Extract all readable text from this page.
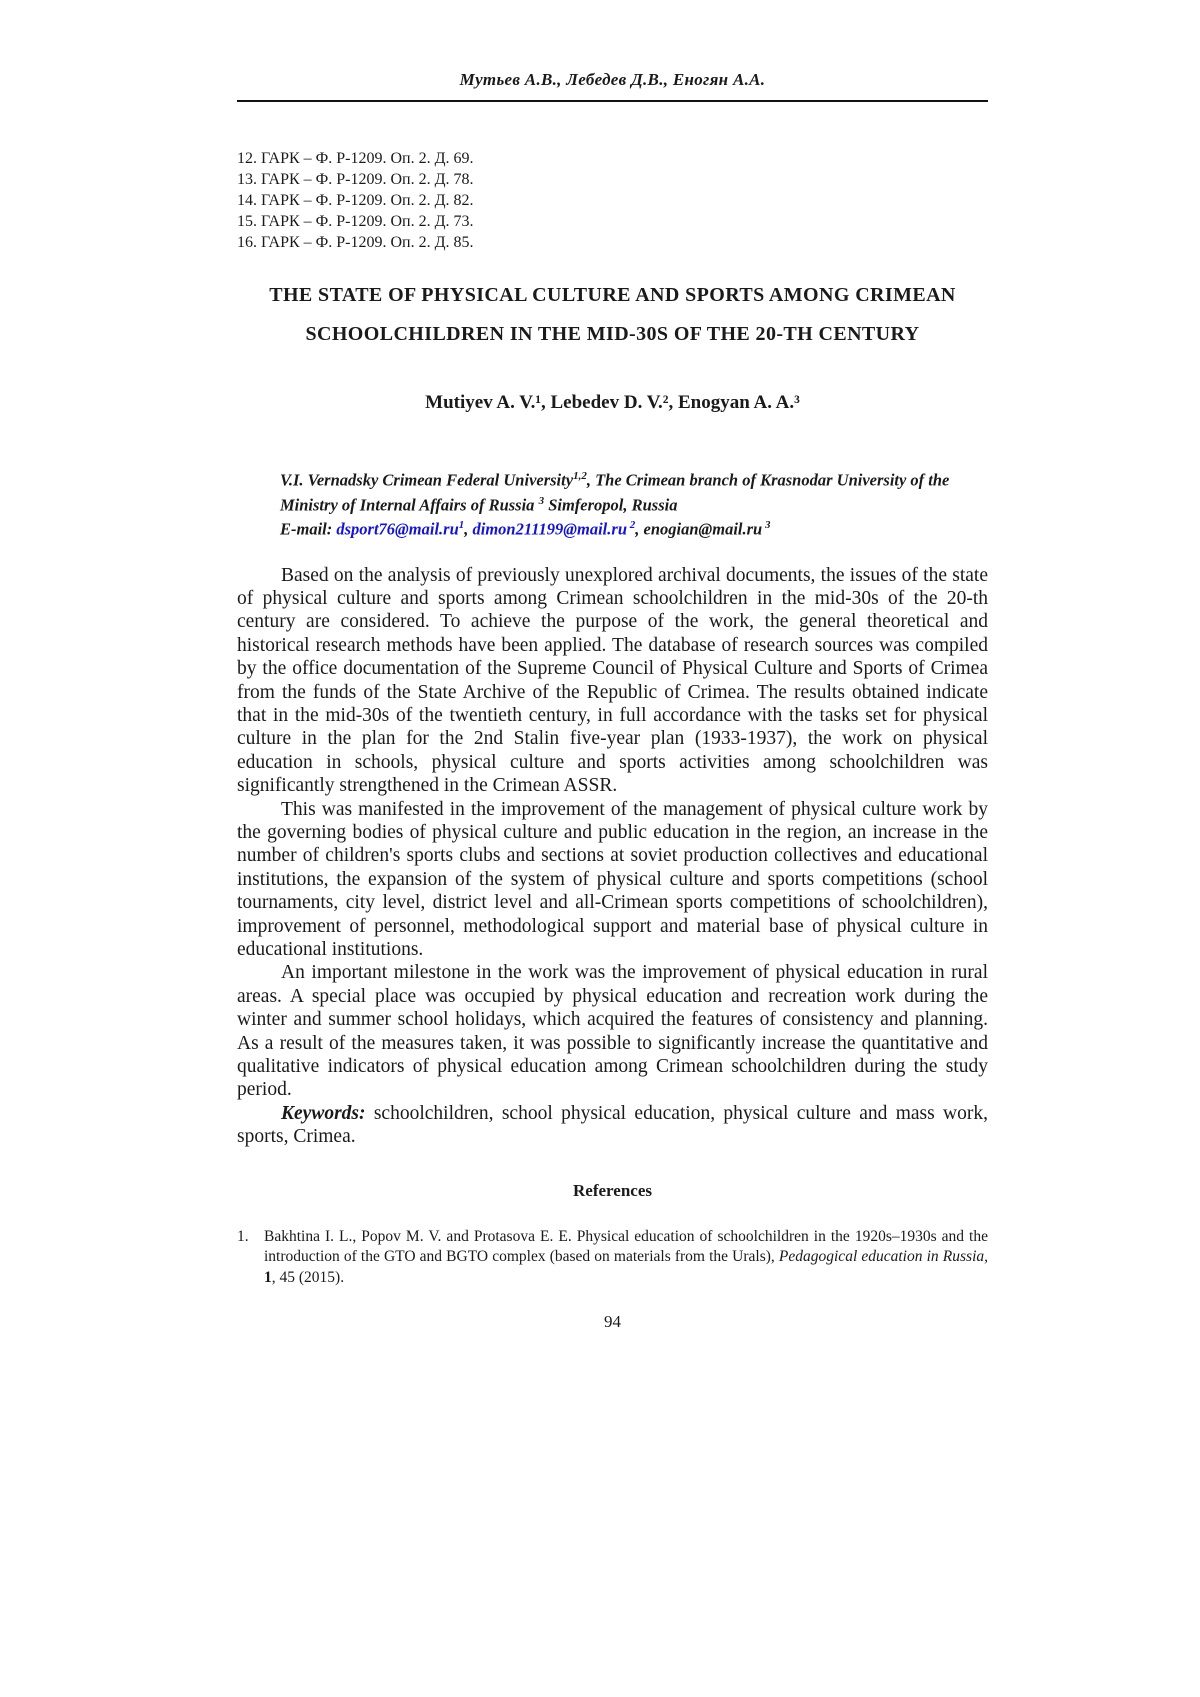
Мутьев А.В., Лебедев Д.В., Еногян А.А.
12. ГАРК – Ф. Р-1209. Оп. 2. Д. 69.
13. ГАРК – Ф. Р-1209. Оп. 2. Д. 78.
14. ГАРК – Ф. Р-1209. Оп. 2. Д. 82.
15. ГАРК – Ф. Р-1209. Оп. 2. Д. 73.
16. ГАРК – Ф. Р-1209. Оп. 2. Д. 85.
THE STATE OF PHYSICAL CULTURE AND SPORTS AMONG CRIMEAN
SCHOOLCHILDREN IN THE MID-30S OF THE 20-TH CENTURY
Mutiyev A. V.¹, Lebedev D. V.², Enogyan A. A.³
V.I. Vernadsky Crimean Federal University$^{1,2}$, The Crimean branch of Krasnodar University of the Ministry of Internal Affairs of Russia $^3$ Simferopol, Russia
E-mail: $dsport76@mail.ru^1$, dimon211199@mail.ru $^2$, enogian@mail.ru $^3$

Based on the analysis of previously unexplored archival documents, the issues of the state of physical culture and sports among Crimean schoolchildren in the mid-30s of the 20-th century are considered. To achieve the purpose of the work, the general theoretical and historical research methods have been applied. The database of research sources was compiled by the office documentation of the Supreme Council of Physical Culture and Sports of Crimea from the funds of the State Archive of the Republic of Crimea. The results obtained indicate that in the mid-30s of the twentieth century, in full accordance with the tasks set for physical culture in the plan for the 2nd Stalin five-year plan (1933-1937), the work on physical education in schools, physical culture and sports activities among schoolchildren was significantly strengthened in the Crimean ASSR.

This was manifested in the improvement of the management of physical culture work by the governing bodies of physical culture and public education in the region, an increase in the number of children's sports clubs and sections at soviet production collectives and educational institutions, the expansion of the system of physical culture and sports competitions (school tournaments, city level, district level and all-Crimean sports competitions of schoolchildren), improvement of personnel, methodological support and material base of physical culture in educational institutions.

An important milestone in the work was the improvement of physical education in rural areas. A special place was occupied by physical education and recreation work during the winter and summer school holidays, which acquired the features of consistency and planning. As a result of the measures taken, it was possible to significantly increase the quantitative and qualitative indicators of physical education among Crimean schoolchildren during the study period.

Keywords: schoolchildren, school physical education, physical culture and mass work, sports, Crimea.

References

1. Bakhtina I. L., Popov M. V. and Protasova E. E. Physical education of schoolchildren in the 1920s–1930s and the introduction of the GTO and BGTO complex (based on materials from the Urals), Pedagogical education in Russia, 1, 45 (2015).

94
